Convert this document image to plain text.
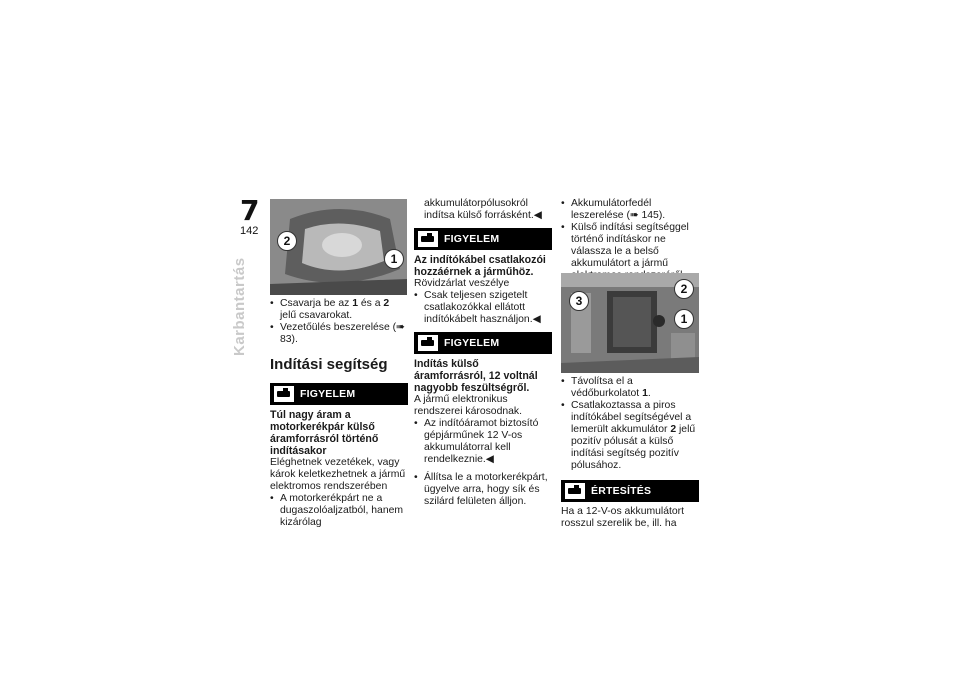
7
142
Karbantartás
2
1

• Csavarja be az 1 és a 2 jelű csavarokat.

• Vezetőülés beszerelése (➠ 83).

Indítási segítség

FIGYELEM

Túl nagy áram a motorkerékpár külső áramforrásról történő indításakor

Eléghetnek vezetékek, vagy károk keletkezhetnek a jármű elektromos rendszerében

• A motorkerékpárt ne a dugaszolóaljzatból, hanem kizárólag

akkumulátorpólusokról indítsa külső forrásként.◀

FIGYELEM

Az indítókábel csatlakozói hozzáérnek a járműhöz.

Rövidzárlat veszélye

• Csak teljesen szigetelt csatlakozókkal ellátott indítókábelt használjon.◀

FIGYELEM

Indítás külső áramforrásról, 12 voltnál nagyobb feszültségről.

A jármű elektronikus rendszerei károsodnak.

• Az indítóáramot biztosító gépjárműnek 12 V-os akkumulátorral kell rendelkeznie.◀

• Állítsa le a motorkerékpárt, ügyelve arra, hogy sík és szilárd felületen álljon.

• Akkumulátorfedél leszerelése (➠ 145).

• Külső indítási segítséggel történő indításkor ne válassza le a belső akkumulátort a jármű

3
2
1

• Távolítsa el a védőburkolatot 1.

• Csatlakoztassa a piros indítókábel segítségével a lemerült akkumulátor 2 jelű pozitív pólusát a külső indítási segítség pozitív pólusához.

ÉRTESÍTÉS

Ha a 12-V-os akkumulátort rosszul szerelik be, ill. ha
